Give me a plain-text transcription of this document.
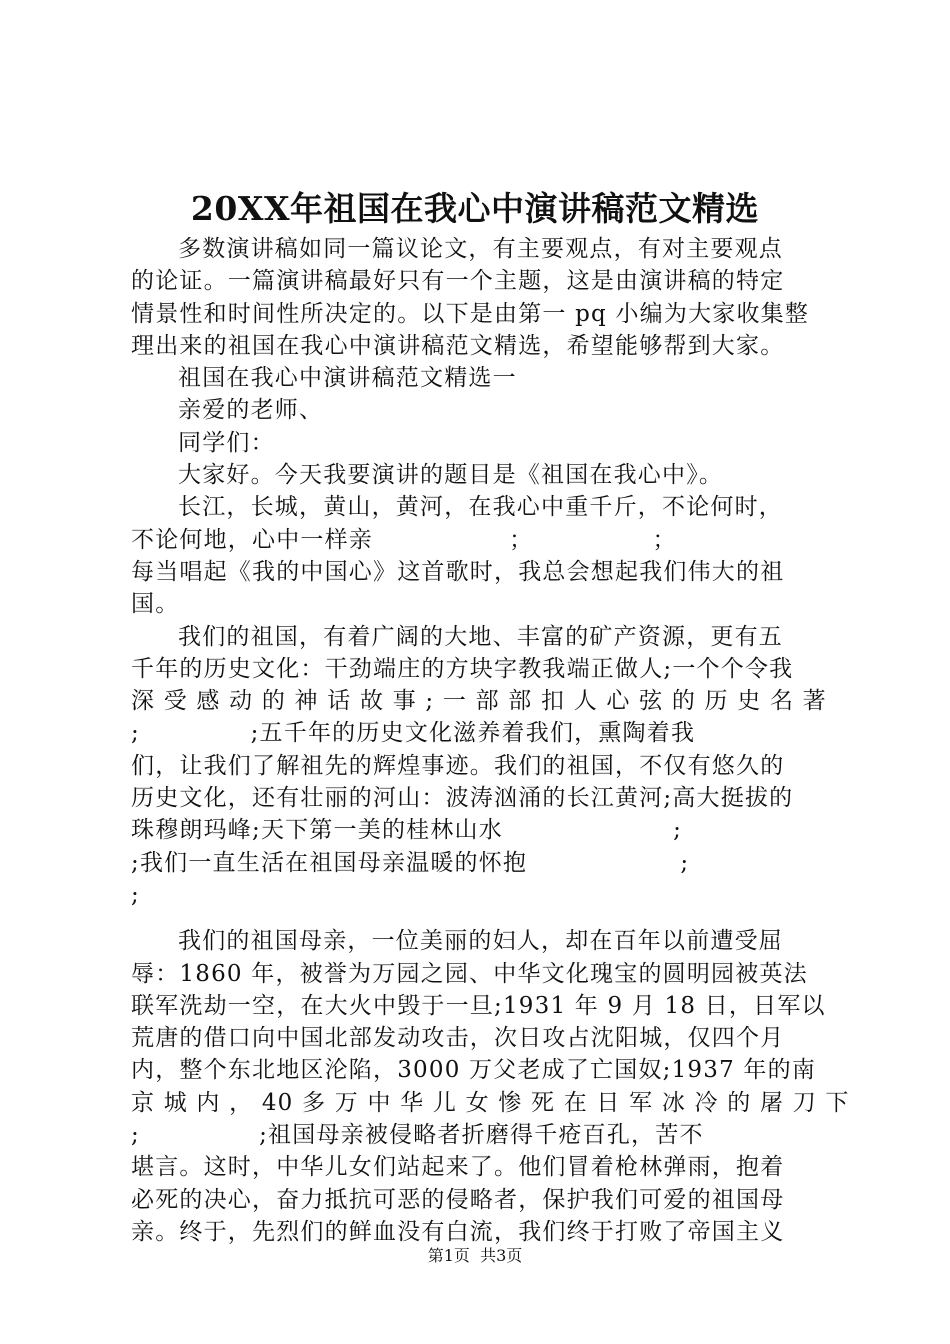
20XX年祖国在我心中演讲稿范文精选
多数演讲稿如同一篇议论文，有主要观点，有对主要观点
的论证。一篇演讲稿最好只有一个主题，这是由演讲稿的特定
情景性和时间性所决定的。以下是由第一 pq 小编为大家收集整
理出来的祖国在我心中演讲稿范文精选，希望能够帮到大家。
祖国在我心中演讲稿范文精选一
亲爱的老师、
同学们：
大家好。今天我要演讲的题目是《祖国在我心中》。
长江，长城，黄山，黄河，在我心中重千斤，不论何时，
不论何地，心中一样亲                ；              ；
每当唱起《我的中国心》这首歌时，我总会想起我们伟大的祖
国。
我们的祖国，有着广阔的大地、丰富的矿产资源，更有五
千年的历史文化：干劲端庄的方块字教我端正做人;一个个令我
深 受 感 动 的 神 话 故 事 ; 一 部 部 扣 人 心 弦 的 历 史 名 著
;             ;五千年的历史文化滋养着我们，熏陶着我
们，让我们了解祖先的辉煌事迹。我们的祖国，不仅有悠久的
历史文化，还有壮丽的河山：波涛汹涌的长江黄河;高大挺拔的
珠穆朗玛峰;天下第一美的桂林山水                    ;
;我们一直生活在祖国母亲温暖的怀抱                  ;
;
我们的祖国母亲，一位美丽的妇人，却在百年以前遭受屈
辱：1860 年，被誉为万园之园、中华文化瑰宝的圆明园被英法
联军洗劫一空，在大火中毁于一旦;1931 年 9 月 18 日，日军以
荒唐的借口向中国北部发动攻击，次日攻占沈阳城，仅四个月
内，整个东北地区沦陷，3000 万父老成了亡国奴;1937 年的南
京 城 内 ， 40 多 万 中 华 儿 女 惨 死 在 日 军 冰 冷 的 屠 刀 下
;              ;祖国母亲被侵略者折磨得千疮百孔，苦不
堪言。这时，中华儿女们站起来了。他们冒着枪林弹雨，抱着
必死的决心，奋力抵抗可恶的侵略者，保护我们可爱的祖国母
亲。终于，先烈们的鲜血没有白流，我们终于打败了帝国主义
第1页  共3页
